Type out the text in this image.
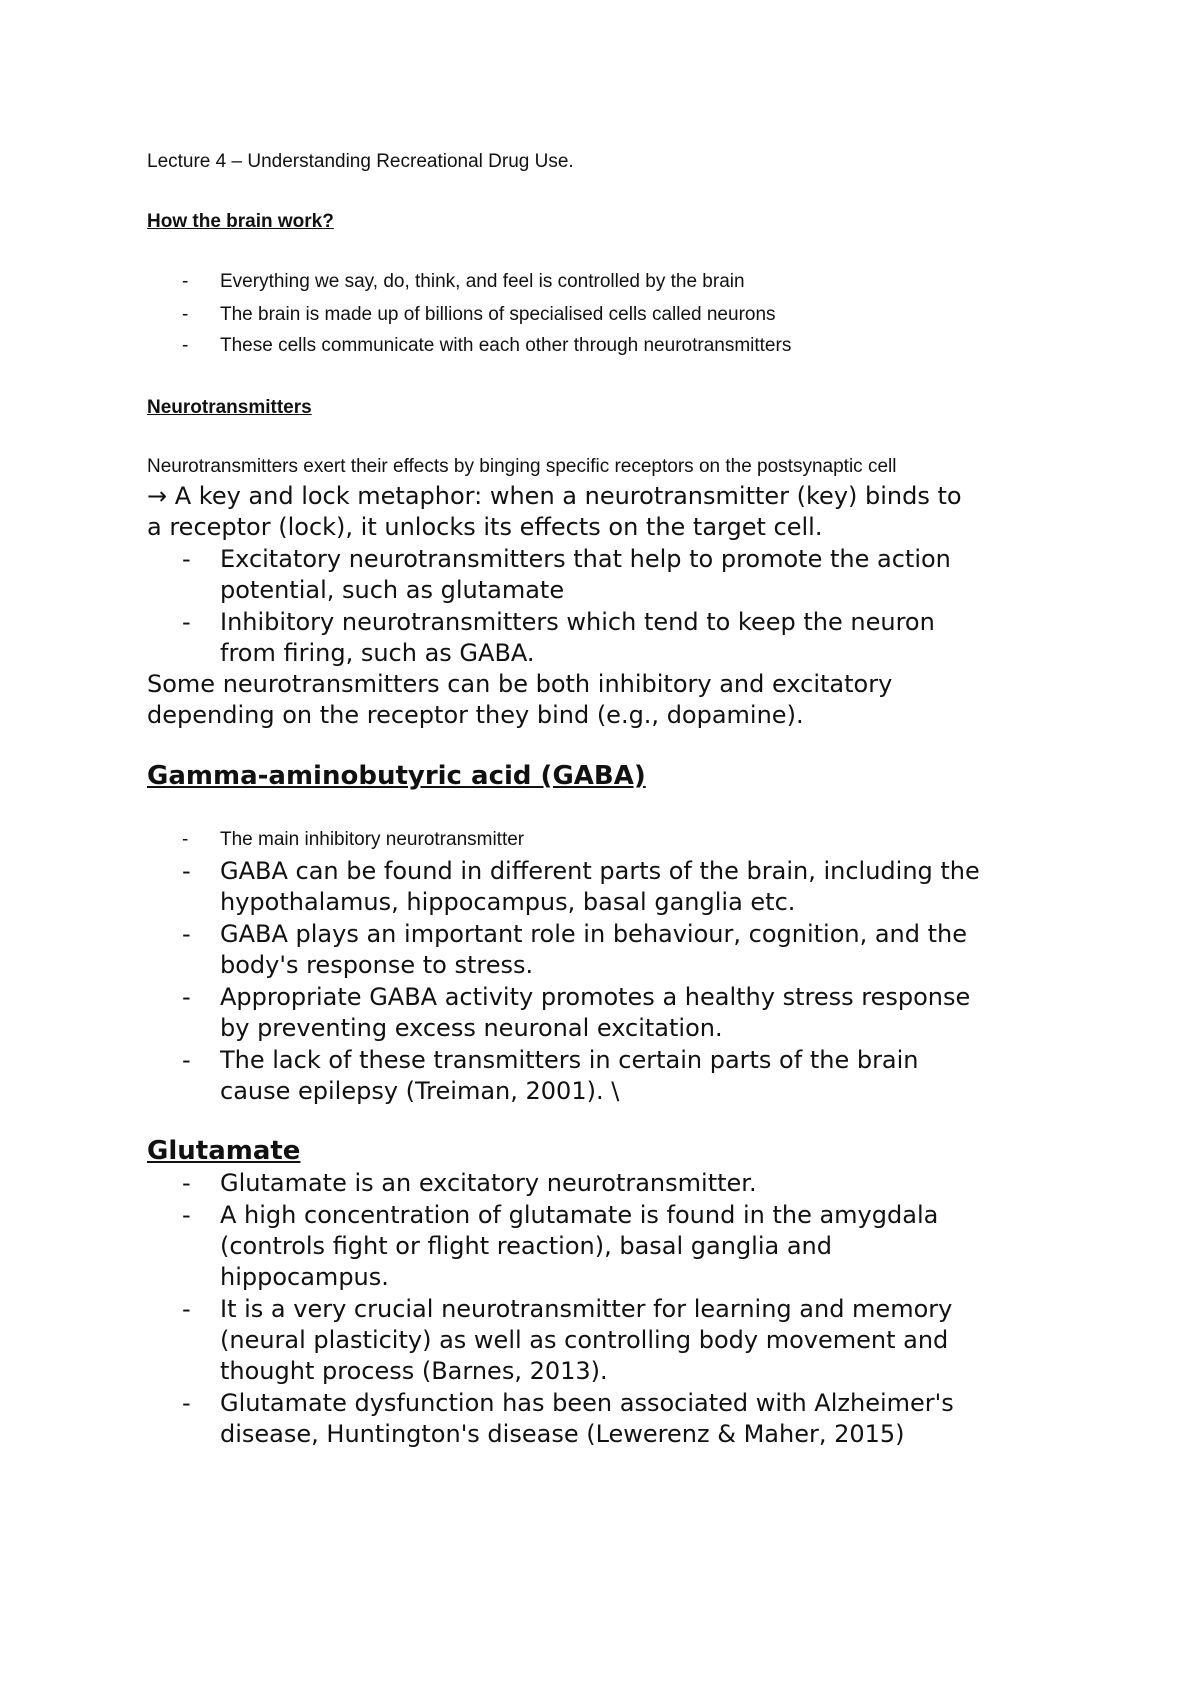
Lecture 4 – Understanding Recreational Drug Use.
How the brain work?
- Everything we say, do, think, and feel is controlled by the brain
- The brain is made up of billions of specialised cells called neurons
- These cells communicate with each other through neurotransmitters
Neurotransmitters
Neurotransmitters exert their effects by binging specific receptors on the postsynaptic cell
→ A key and lock metaphor: when a neurotransmitter (key) binds to
a receptor (lock), it unlocks its effects on the target cell.
- Excitatory neurotransmitters that help to promote the action
potential, such as glutamate
- Inhibitory neurotransmitters which tend to keep the neuron
from firing, such as GABA.
Some neurotransmitters can be both inhibitory and excitatory
depending on the receptor they bind (e.g., dopamine).
Gamma-aminobutyric acid (GABA)
- The main inhibitory neurotransmitter
- GABA can be found in different parts of the brain, including the
hypothalamus, hippocampus, basal ganglia etc.
- GABA plays an important role in behaviour, cognition, and the
body's response to stress.
- Appropriate GABA activity promotes a healthy stress response
by preventing excess neuronal excitation.
- The lack of these transmitters in certain parts of the brain
cause epilepsy (Treiman, 2001). \
Glutamate
- Glutamate is an excitatory neurotransmitter.
- A high concentration of glutamate is found in the amygdala
(controls fight or flight reaction), basal ganglia and
hippocampus.
- It is a very crucial neurotransmitter for learning and memory
(neural plasticity) as well as controlling body movement and
thought process (Barnes, 2013).
- Glutamate dysfunction has been associated with Alzheimer's
disease, Huntington's disease (Lewerenz & Maher, 2015)
